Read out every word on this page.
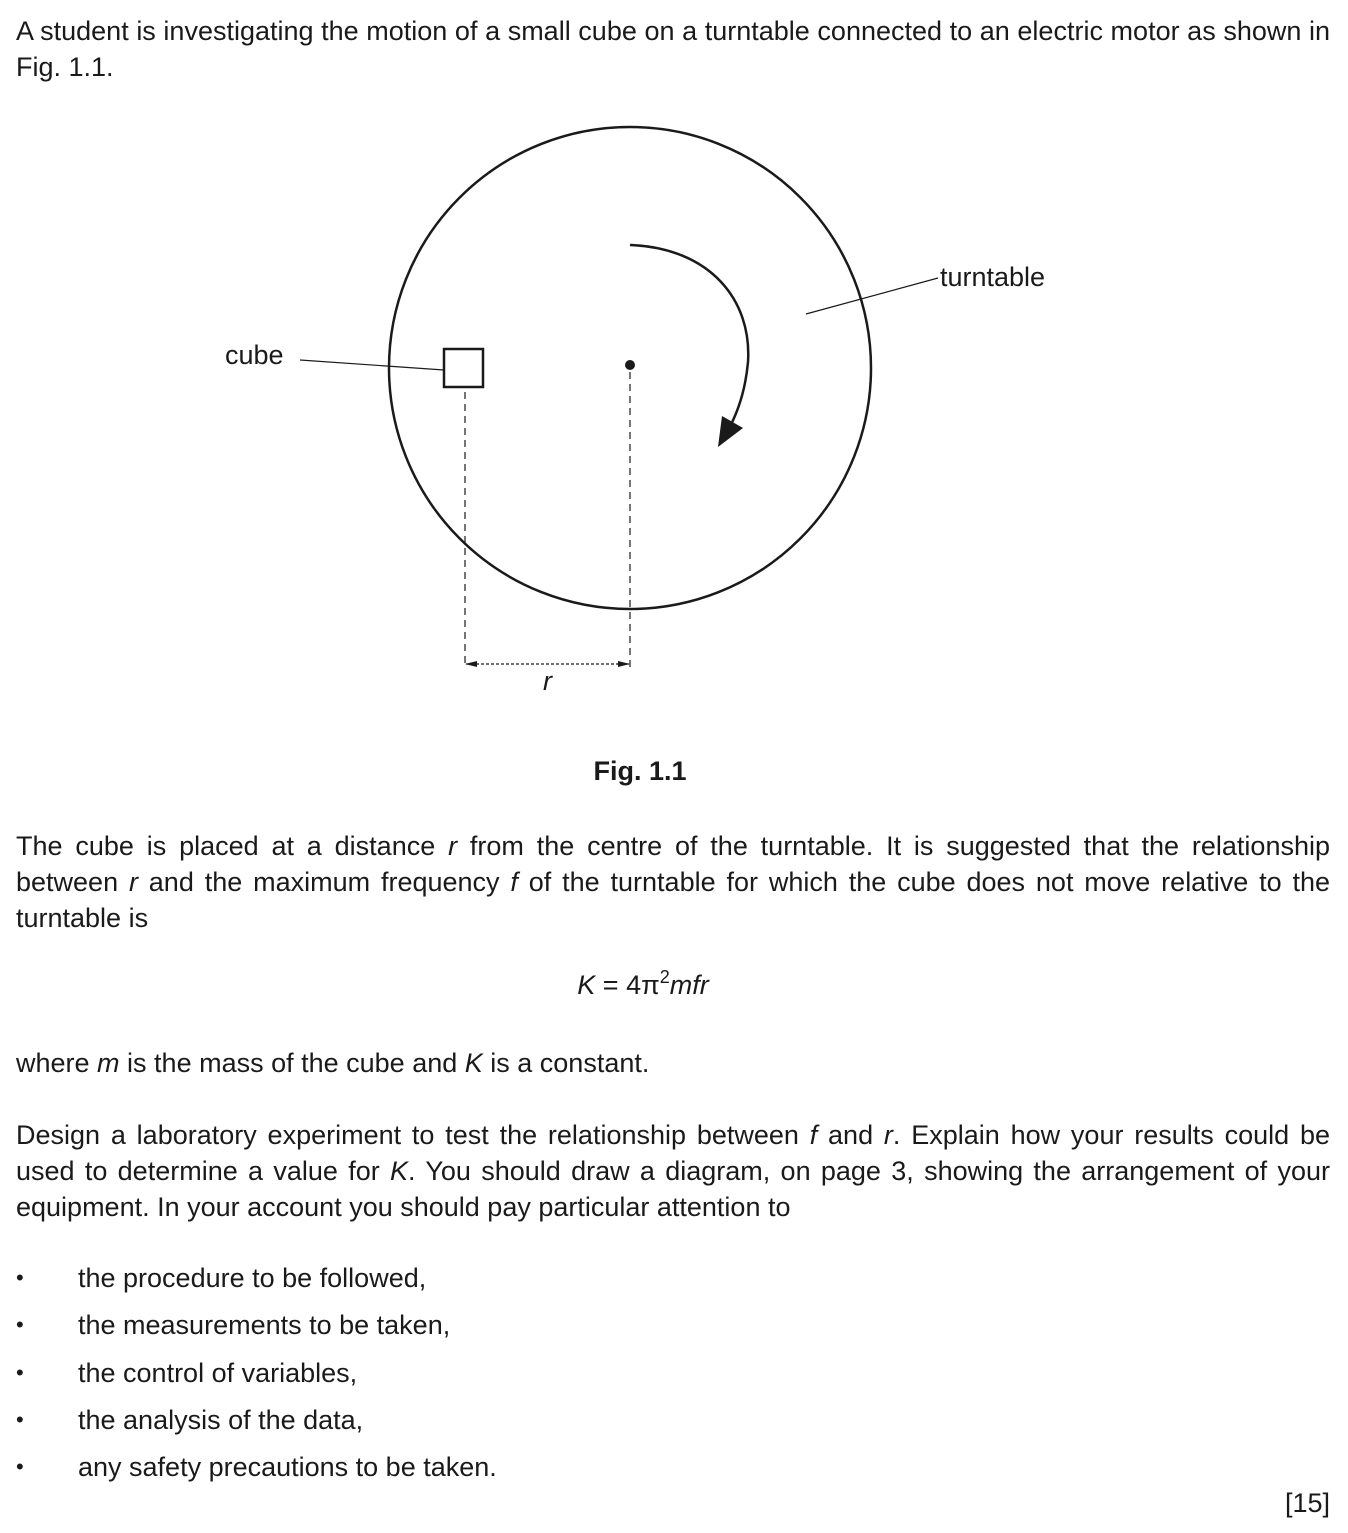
A student is investigating the motion of a small cube on a turntable connected to an electric motor as shown in Fig. 1.1.

turntable
cube
r
Fig. 1.1

The cube is placed at a distance r from the centre of the turntable. It is suggested that the relationship between r and the maximum frequency f of the turntable for which the cube does not move relative to the turntable is

$K = 4\pi^2mfr$

where m is the mass of the cube and K is a constant.

Design a laboratory experiment to test the relationship between f and r. Explain how your results could be used to determine a value for K. You should draw a diagram, on page 3, showing the arrangement of your equipment. In your account you should pay particular attention to

• the procedure to be followed,
• the measurements to be taken,
• the control of variables,
• the analysis of the data,
• any safety precautions to be taken.
[15]
